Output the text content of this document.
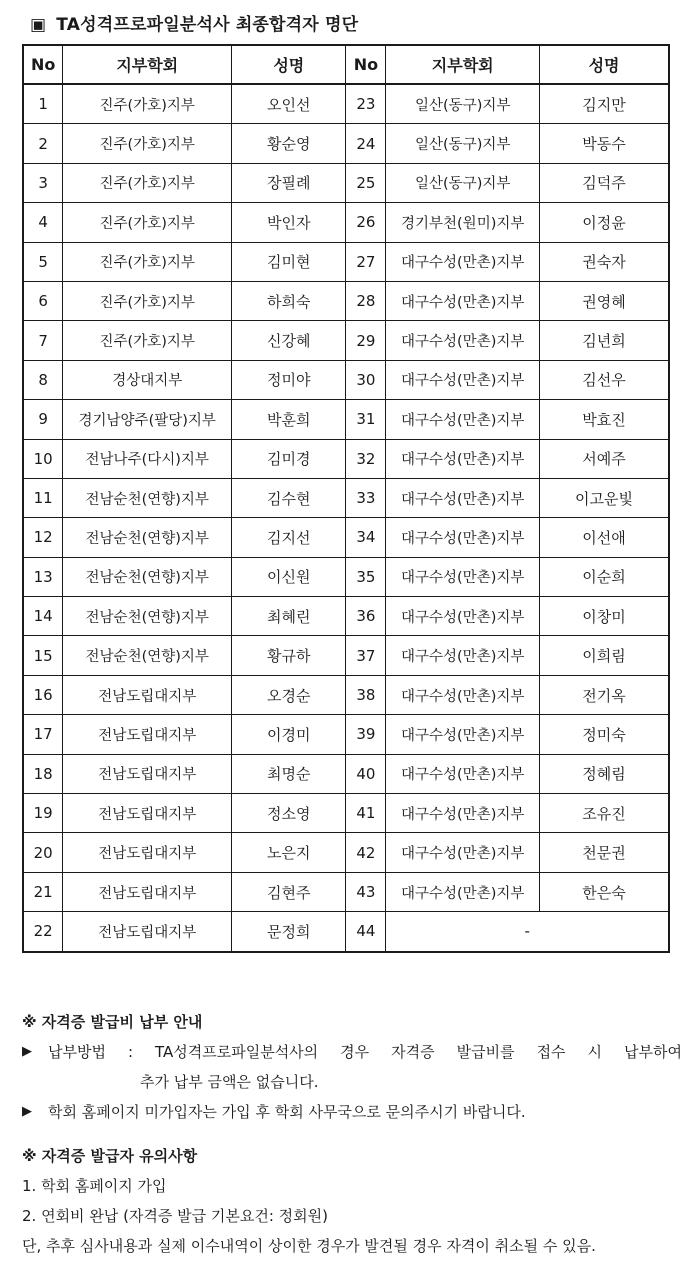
▣ TA성격프로파일분석사 최종합격자 명단
No	지부학회	성명	No	지부학회	성명
1	진주(가호)지부	오인선	23	일산(동구)지부	김지만
2	진주(가호)지부	황순영	24	일산(동구)지부	박동수
3	진주(가호)지부	장필례	25	일산(동구)지부	김덕주
4	진주(가호)지부	박인자	26	경기부천(원미)지부	이정윤
5	진주(가호)지부	김미현	27	대구수성(만촌)지부	권숙자
6	진주(가호)지부	하희숙	28	대구수성(만촌)지부	권영혜
7	진주(가호)지부	신강혜	29	대구수성(만촌)지부	김년희
8	경상대지부	정미야	30	대구수성(만촌)지부	김선우
9	경기남양주(팔당)지부	박훈희	31	대구수성(만촌)지부	박효진
10	전남나주(다시)지부	김미경	32	대구수성(만촌)지부	서예주
11	전남순천(연향)지부	김수현	33	대구수성(만촌)지부	이고운빛
12	전남순천(연향)지부	김지선	34	대구수성(만촌)지부	이선애
13	전남순천(연향)지부	이신원	35	대구수성(만촌)지부	이순희
14	전남순천(연향)지부	최혜린	36	대구수성(만촌)지부	이창미
15	전남순천(연향)지부	황규하	37	대구수성(만촌)지부	이희림
16	전남도립대지부	오경순	38	대구수성(만촌)지부	전기옥
17	전남도립대지부	이경미	39	대구수성(만촌)지부	정미숙
18	전남도립대지부	최명순	40	대구수성(만촌)지부	정혜림
19	전남도립대지부	정소영	41	대구수성(만촌)지부	조유진
20	전남도립대지부	노은지	42	대구수성(만촌)지부	천문권
21	전남도립대지부	김현주	43	대구수성(만촌)지부	한은숙
22	전남도립대지부	문정희	44	-	
※ 자격증 발급비 납부 안내
▶	납부방법 : TA성격프로파일분석사의 경우 자격증 발급비를 접수 시 납부하여
추가 납부 금액은 없습니다.
▶	학회 홈페이지 미가입자는 가입 후 학회 사무국으로 문의주시기 바랍니다.
※ 자격증 발급자 유의사항
1. 학회 홈페이지 가입
2. 연회비 완납 (자격증 발급 기본요건: 정회원)
단, 추후 심사내용과 실제 이수내역이 상이한 경우가 발견될 경우 자격이 취소될 수 있음.
